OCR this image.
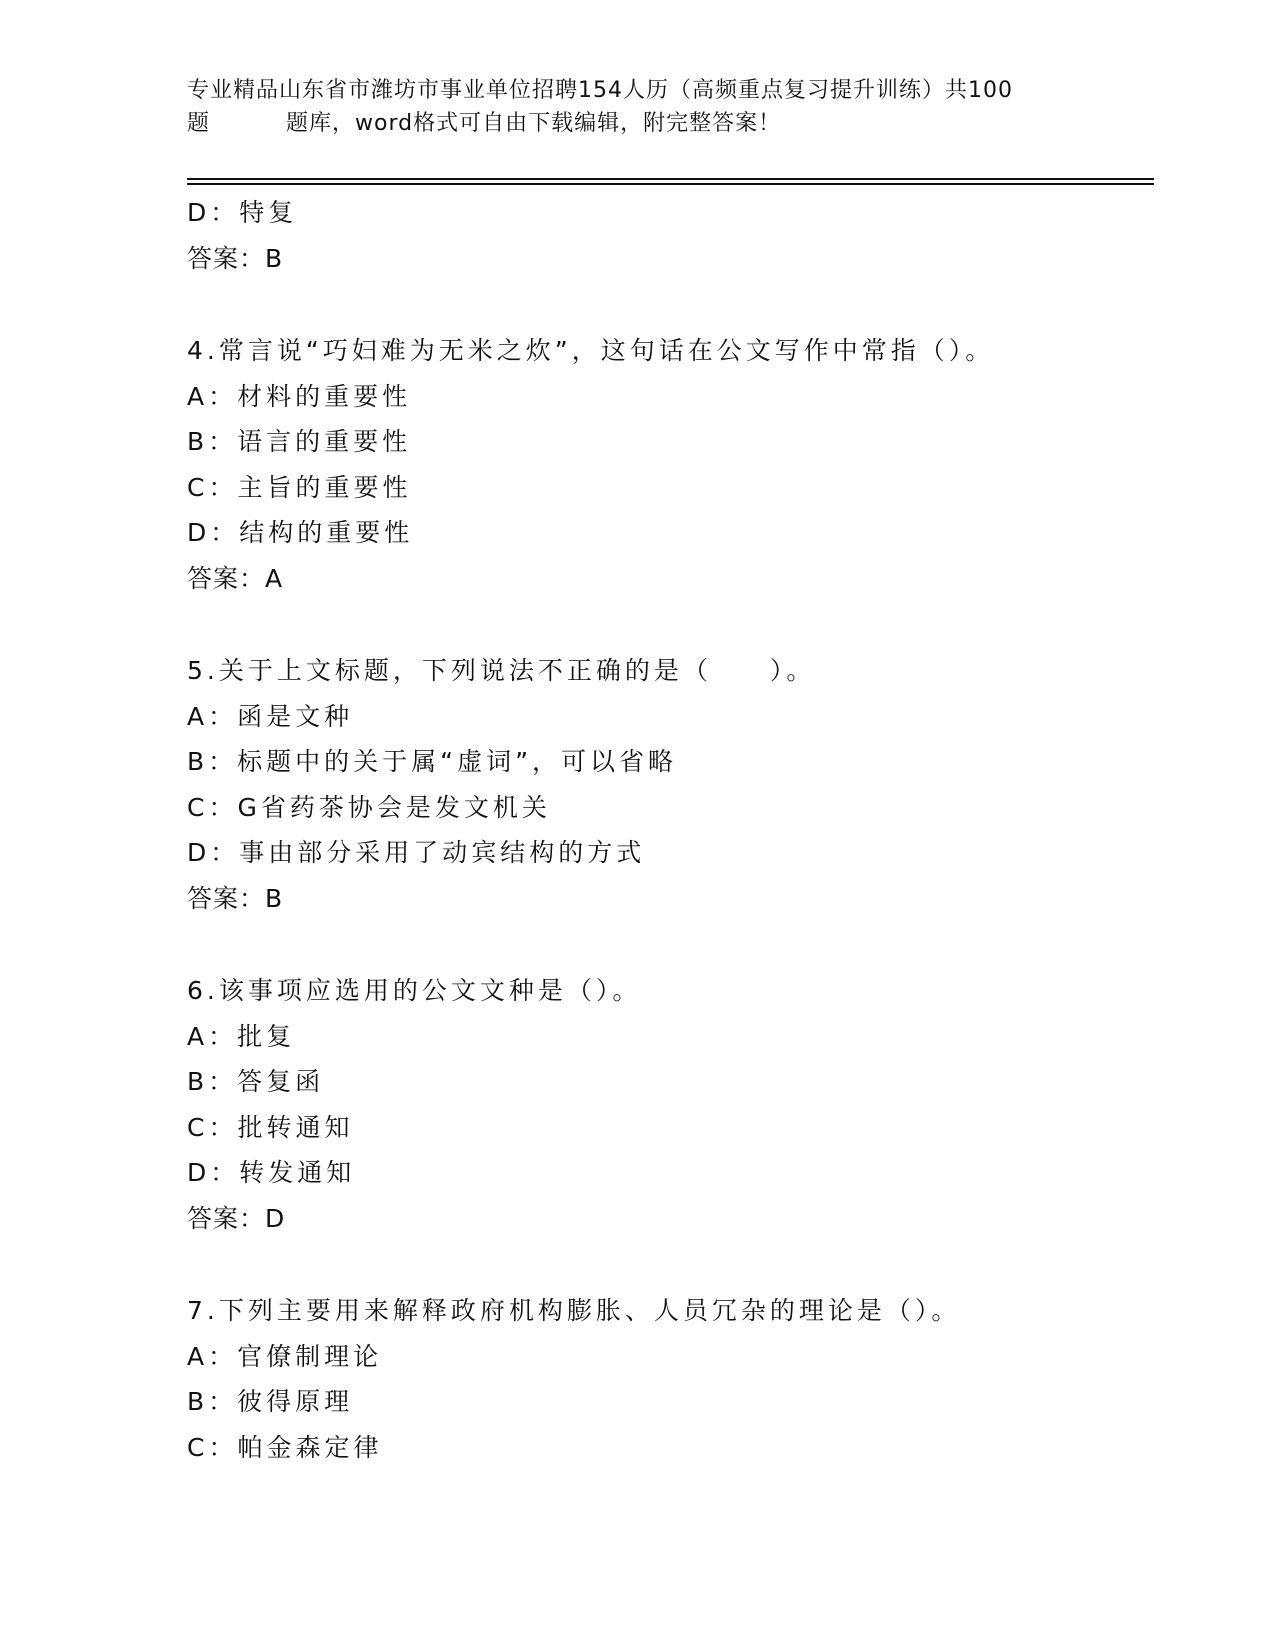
专业精品山东省市潍坊市事业单位招聘154人历（高频重点复习提升训练）共100
题	题库，word格式可自由下载编辑，附完整答案！
D：特复
答案：B
4.常言说“巧妇难为无米之炊”，这句话在公文写作中常指（）。
A：材料的重要性
B：语言的重要性
C：主旨的重要性
D：结构的重要性
答案：A
5.关于上文标题，下列说法不正确的是（　　）。
A：函是文种
B：标题中的关于属“虚词”，可以省略
C：G省药茶协会是发文机关
D：事由部分采用了动宾结构的方式
答案：B
6.该事项应选用的公文文种是（）。
A：批复
B：答复函
C：批转通知
D：转发通知
答案：D
7.下列主要用来解释政府机构膨胀、人员冗杂的理论是（）。
A：官僚制理论
B：彼得原理
C：帕金森定律
